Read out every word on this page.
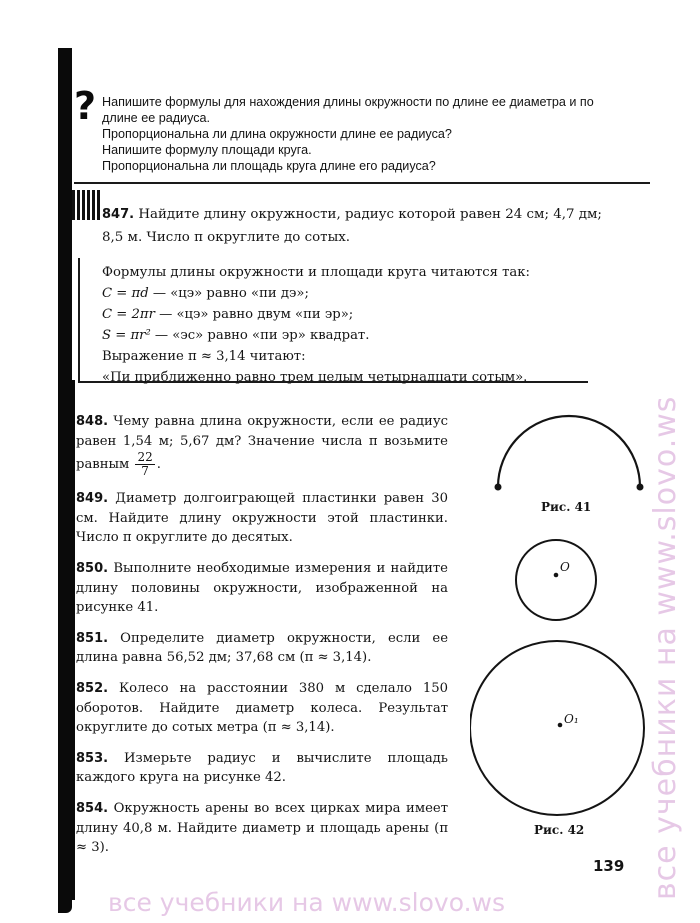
? Напишите формулы для нахождения длины окружности по длине ее диаметра и по

длине ее радиуса.

Пропорциональна ли длина окружности длине ее радиуса?

Напишите формулу площади круга.

Пропорциональна ли площадь круга длине его радиуса?

847. Найдите длину окружности, радиус которой равен 24 см; 4,7 дм;

8,5 м. Число π округлите до сотых.

Формулы длины окружности и площади круга читаются так:

C = πd — «цэ» равно «пи дэ»;

C = 2πr — «цэ» равно двум «пи эр»;

S = πr² — «эс» равно «пи эр» квадрат.

Выражение π ≈ 3,14 читают:

«Пи приближенно равно трем целым четырнадцати сотым».

848. Чему равна длина окружности, если ее радиус равен 1,54 м; 5,67 дм? Значение числа π возьмите равным $\frac{22}{7}$ .

849. Диаметр долгоиграющей пластинки равен 30 см. Найдите длину окружности этой пластинки. Число π округлите до десятых.

850. Выполните необходимые измерения и найдите длину половины окружности, изображенной на рисунке 41.

851. Определите диаметр окружности, если ее длина равна 56,52 дм; 37,68 см (π ≈ 3,14).

852. Колесо на расстоянии 380 м сделало 150 оборотов. Найдите диаметр колеса. Результат округлите до сотых метра (π ≈ 3,14).

853. Измерьте радиус и вычислите площадь каждого круга на рисунке 42.

854. Окружность арены во всех цирках мира имеет длину 40,8 м. Найдите диаметр и площадь арены (π ≈ 3).

Рис. 41
O
O₁
Рис. 42
139 все учебники на www.slovo.ws
все учебники на www.slovo.ws
